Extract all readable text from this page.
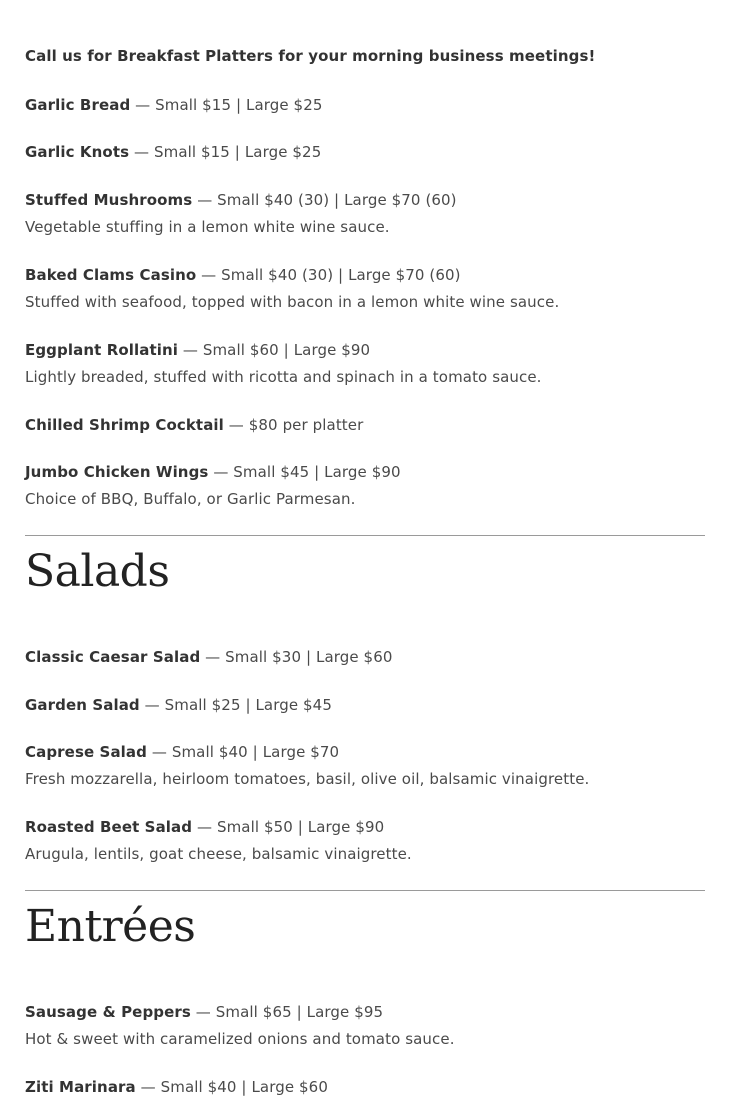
Call us for Breakfast Platters for your morning business meetings!
Garlic Bread — Small $15 | Large $25
Garlic Knots — Small $15 | Large $25
Stuffed Mushrooms — Small $40 (30) | Large $70 (60)
Vegetable stuffing in a lemon white wine sauce.
Baked Clams Casino — Small $40 (30) | Large $70 (60)
Stuffed with seafood, topped with bacon in a lemon white wine sauce.
Eggplant Rollatini — Small $60 | Large $90
Lightly breaded, stuffed with ricotta and spinach in a tomato sauce.
Chilled Shrimp Cocktail — $80 per platter
Jumbo Chicken Wings — Small $45 | Large $90
Choice of BBQ, Buffalo, or Garlic Parmesan.
Salads
Classic Caesar Salad — Small $30 | Large $60
Garden Salad — Small $25 | Large $45
Caprese Salad — Small $40 | Large $70
Fresh mozzarella, heirloom tomatoes, basil, olive oil, balsamic vinaigrette.
Roasted Beet Salad — Small $50 | Large $90
Arugula, lentils, goat cheese, balsamic vinaigrette.
Entrées
Sausage & Peppers — Small $65 | Large $95
Hot & sweet with caramelized onions and tomato sauce.
Ziti Marinara — Small $40 | Large $60
